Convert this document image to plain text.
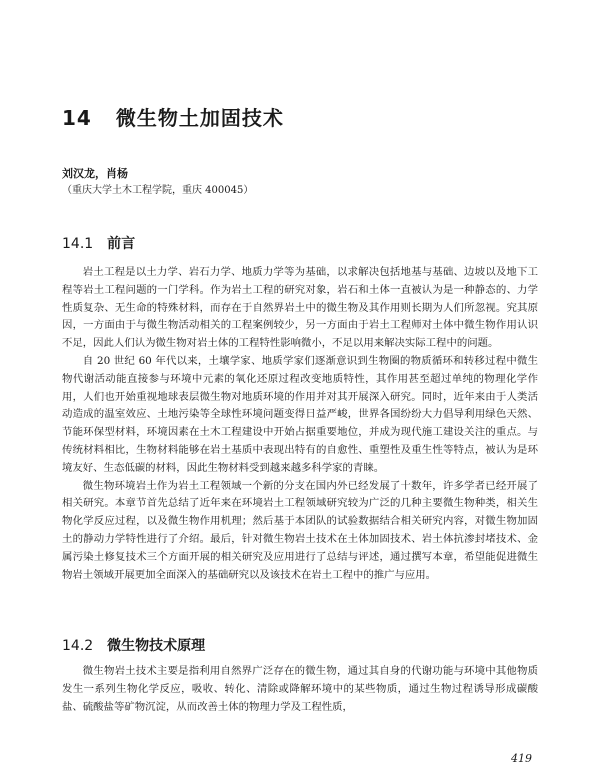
14 微生物土加固技术
刘汉龙，肖杨
（重庆大学土木工程学院，重庆 400045）
14.1 前言

岩土工程是以土力学、岩石力学、地质力学等为基础，以求解决包括地基与基础、边坡以及地下工程等岩土工程问题的一门学科。作为岩土工程的研究对象，岩石和土体一直被认为是一种静态的、力学性质复杂、无生命的特殊材料，而存在于自然界岩土中的微生物及其作用则长期为人们所忽视。究其原因，一方面由于与微生物活动相关的工程案例较少，另一方面由于岩土工程师对土体中微生物作用认识不足，因此人们认为微生物对岩土体的工程特性影响微小，不足以用来解决实际工程中的问题。

自 20 世纪 60 年代以来，土壤学家、地质学家们逐渐意识到生物圈的物质循环和转移过程中微生物代谢活动能直接参与环境中元素的氧化还原过程改变地质特性，其作用甚至超过单纯的物理化学作用，人们也开始重视地球表层微生物对地质环境的作用并对其开展深入研究。同时，近年来由于人类活动造成的温室效应、土地污染等全球性环境问题变得日益严峻，世界各国纷纷大力倡导利用绿色天然、节能环保型材料，环境因素在土木工程建设中开始占据重要地位，并成为现代施工建设关注的重点。与传统材料相比，生物材料能够在岩土基质中表现出特有的自愈性、重塑性及重生性等特点，被认为是环境友好、生态低碳的材料，因此生物材料受到越来越多科学家的青睐。

微生物环境岩土作为岩土工程领域一个新的分支在国内外已经发展了十数年，许多学者已经开展了相关研究。本章节首先总结了近年来在环境岩土工程领域研究较为广泛的几种主要微生物种类，相关生物化学反应过程，以及微生物作用机理；然后基于本团队的试验数据结合相关研究内容，对微生物加固土的静动力学特性进行了介绍。最后，针对微生物岩土技术在土体加固技术、岩土体抗渗封堵技术、金属污染土修复技术三个方面开展的相关研究及应用进行了总结与评述，通过撰写本章，希望能促进微生物岩土领域开展更加全面深入的基础研究以及该技术在岩土工程中的推广与应用。

14.2 微生物技术原理

微生物岩土技术主要是指利用自然界广泛存在的微生物，通过其自身的代谢功能与环境中其他物质发生一系列生物化学反应，吸收、转化、清除或降解环境中的某些物质，通过生物过程诱导形成碳酸盐、硫酸盐等矿物沉淀，从而改善土体的物理力学及工程性质，

419
